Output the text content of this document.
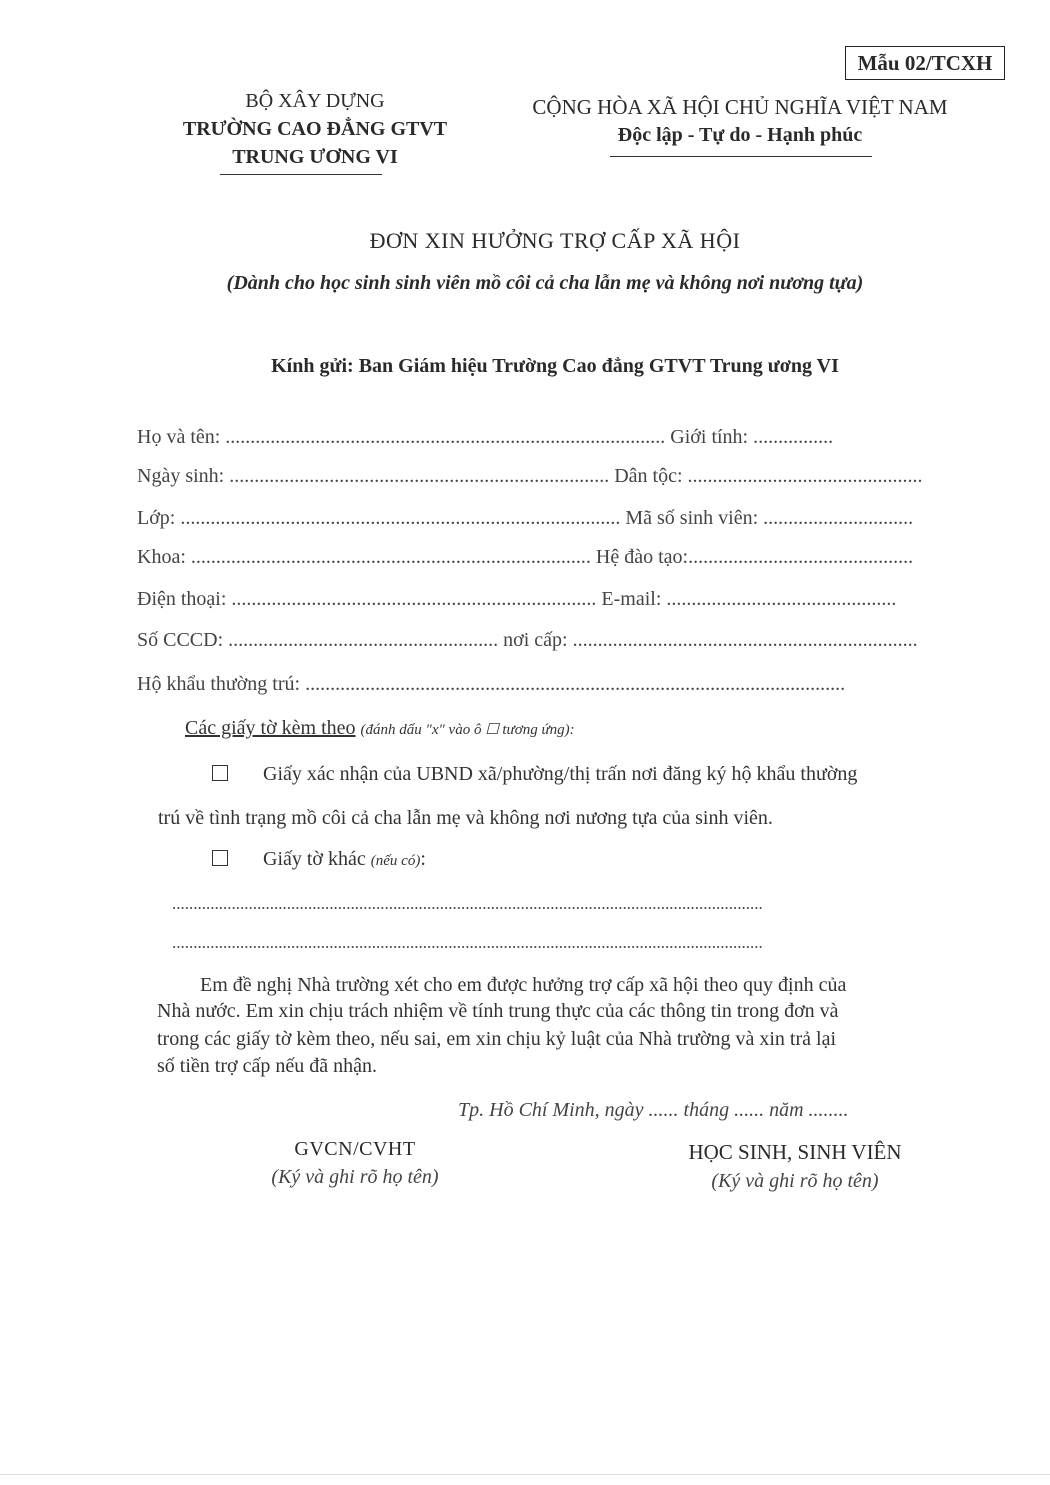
Mẫu 02/TCXH
BỘ XÂY DỰNG
TRƯỜNG CAO ĐẲNG GTVT
TRUNG ƯƠNG VI
CỘNG HÒA XÃ HỘI CHỦ NGHĨA VIỆT NAM
Độc lập - Tự do - Hạnh phúc
ĐƠN XIN HƯỞNG TRỢ CẤP XÃ HỘI
(Dành cho học sinh sinh viên mồ côi cả cha lẫn mẹ và không nơi nương tựa)
Kính gửi: Ban Giám hiệu Trường Cao đẳng GTVT Trung ương VI
Họ và tên: ........................................................................................ Giới tính: ................
Ngày sinh: ............................................................................ Dân tộc: ...............................................
Lớp: ........................................................................................ Mã số sinh viên: ..............................
Khoa: ................................................................................ Hệ đào tạo:.............................................
Điện thoại: ......................................................................... E-mail: ..............................................
Số CCCD: ...................................................... nơi cấp: .....................................................................
Hộ khẩu thường trú: ............................................................................................................
Các giấy tờ kèm theo (đánh dấu "x" vào ô ☐ tương ứng):
Giấy xác nhận của UBND xã/phường/thị trấn nơi đăng ký hộ khẩu thường
trú về tình trạng mồ côi cả cha lẫn mẹ và không nơi nương tựa của sinh viên.
Giấy tờ khác (nếu có):
...........................................................................................................................................
...........................................................................................................................................
Em đề nghị Nhà trường xét cho em được hưởng trợ cấp xã hội theo quy định của
Nhà nước. Em xin chịu trách nhiệm về tính trung thực của các thông tin trong đơn và
trong các giấy tờ kèm theo, nếu sai, em xin chịu kỷ luật của Nhà trường và xin trả lại
số tiền trợ cấp nếu đã nhận.
Tp. Hồ Chí Minh, ngày ...... tháng ...... năm ........
GVCN/CVHT
(Ký và ghi rõ họ tên)
HỌC SINH, SINH VIÊN
(Ký và ghi rõ họ tên)
